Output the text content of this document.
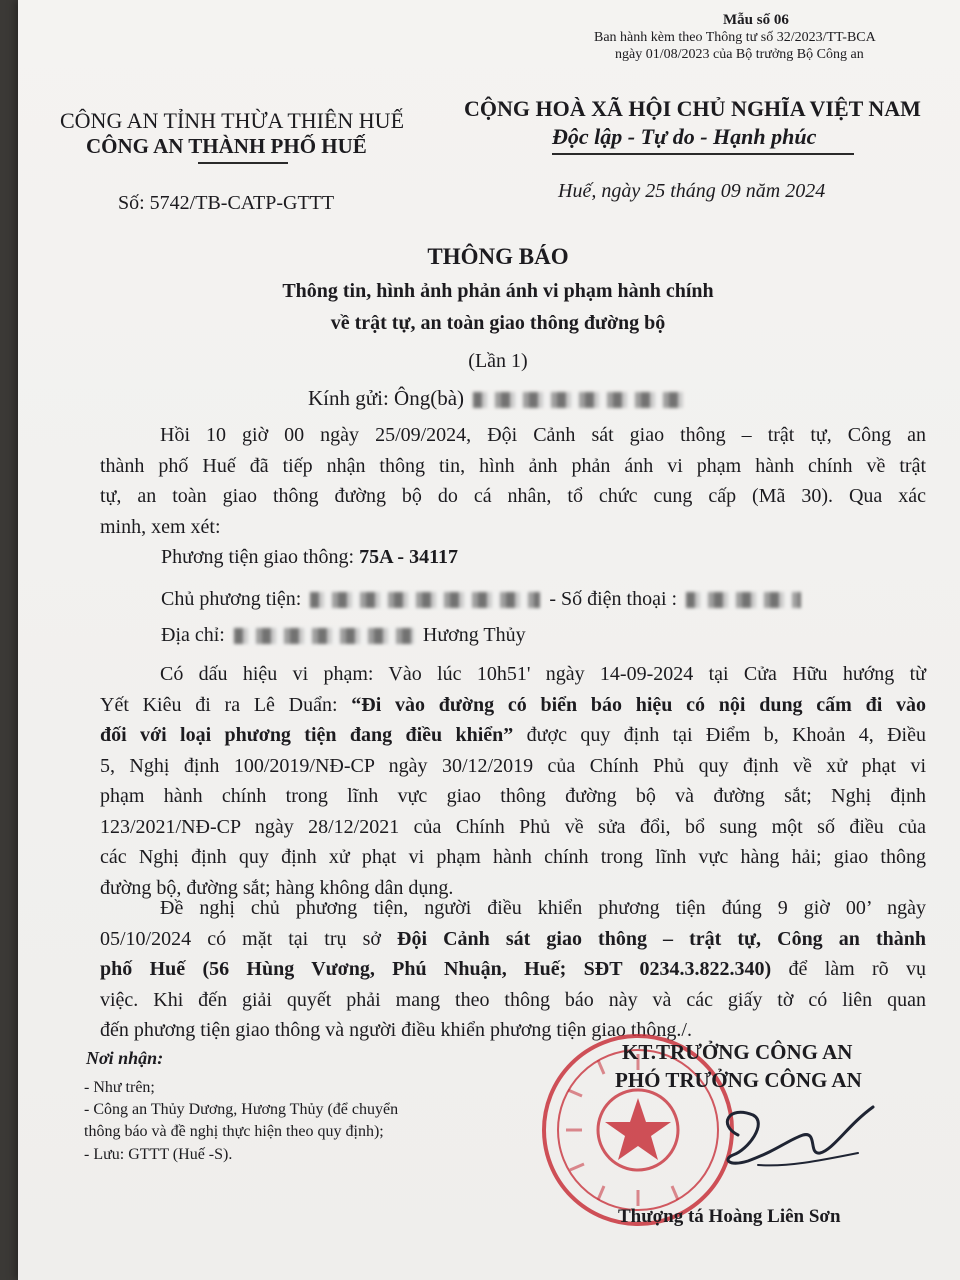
Mẫu số 06
Ban hành kèm theo Thông tư số 32/2023/TT-BCA
ngày 01/08/2023 của Bộ trưởng Bộ Công an
CÔNG AN TỈNH THỪA THIÊN HUẾ
CÔNG AN THÀNH PHỐ HUẾ
CỘNG HOÀ XÃ HỘI CHỦ NGHĨA VIỆT NAM
Độc lập - Tự do - Hạnh phúc
Số: 5742/TB-CATP-GTTT
Huế, ngày 25 tháng 09 năm 2024
THÔNG BÁO
Thông tin, hình ảnh phản ánh vi phạm hành chính
về trật tự, an toàn giao thông đường bộ
(Lần 1)
Kính gửi: Ông(bà)
Hồi 10 giờ 00 ngày 25/09/2024, Đội Cảnh sát giao thông – trật tự, Công an
thành phố Huế đã tiếp nhận thông tin, hình ảnh phản ánh vi phạm hành chính về trật
tự, an toàn giao thông đường bộ do cá nhân, tổ chức cung cấp (Mã 30). Qua xác
minh, xem xét:
Phương tiện giao thông: 75A - 34117
Chủ phương tiện:	- Số điện thoại :
Địa chỉ:	Hương Thủy
Có dấu hiệu vi phạm: Vào lúc 10h51' ngày 14-09-2024 tại Cửa Hữu hướng từ
Yết Kiêu đi ra Lê Duẩn: “Đi vào đường có biển báo hiệu có nội dung cấm đi vào
đối với loại phương tiện đang điều khiển” được quy định tại Điểm b, Khoản 4, Điều
5, Nghị định 100/2019/NĐ-CP ngày 30/12/2019 của Chính Phủ quy định về xử phạt vi
phạm hành chính trong lĩnh vực giao thông đường bộ và đường sắt; Nghị định
123/2021/NĐ-CP ngày 28/12/2021 của Chính Phủ về sửa đổi, bổ sung một số điều của
các Nghị định quy định xử phạt vi phạm hành chính trong lĩnh vực hàng hải; giao thông
đường bộ, đường sắt; hàng không dân dụng.
Đề nghị chủ phương tiện, người điều khiển phương tiện đúng 9 giờ 00’ ngày
05/10/2024 có mặt tại trụ sở Đội Cảnh sát giao thông – trật tự, Công an thành
phố Huế (56 Hùng Vương, Phú Nhuận, Huế; SĐT 0234.3.822.340) để làm rõ vụ
việc. Khi đến giải quyết phải mang theo thông báo này và các giấy tờ có liên quan
đến phương tiện giao thông và người điều khiển phương tiện giao thông./.
Nơi nhận:
- Như trên;
- Công an Thủy Dương, Hương Thủy (để chuyển
thông báo và đề nghị thực hiện theo quy định);
- Lưu: GTTT (Huế -S).
KT.TRƯỞNG CÔNG AN
PHÓ TRƯỞNG CÔNG AN
Thượng tá Hoàng Liên Sơn
